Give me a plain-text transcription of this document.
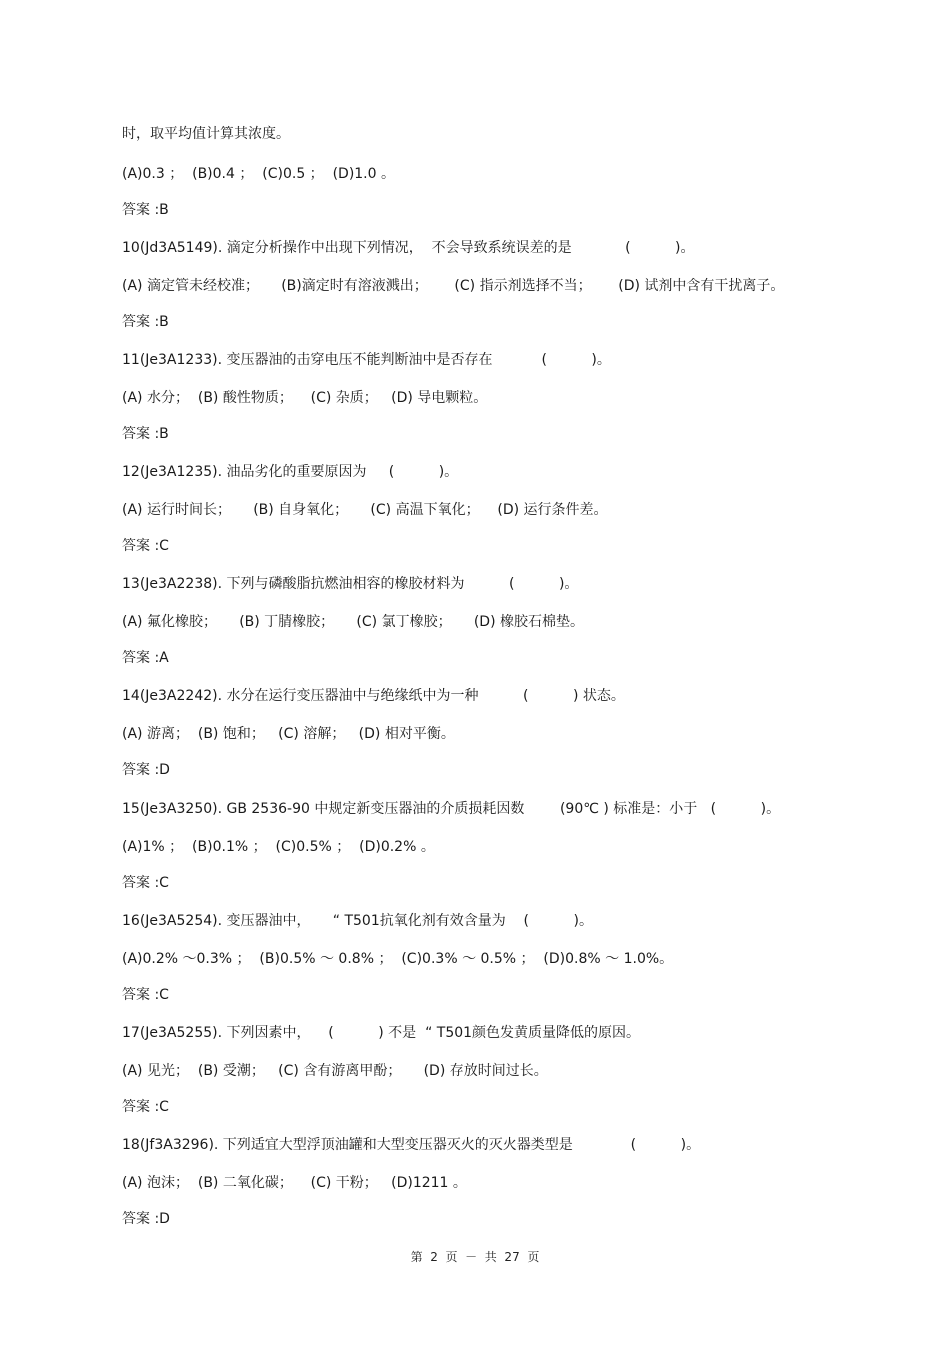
时，取平均值计算其浓度。
(A)0.3 ；  (B)0.4 ；  (C)0.5 ；  (D)1.0 。
答案 :B
10(Jd3A5149). 滴定分析操作中出现下列情况，  不会导致系统误差的是            (          )。
(A) 滴定管未经校准；     (B)滴定时有溶液溅出；      (C) 指示剂选择不当；      (D) 试剂中含有干扰离子。
答案 :B
11(Je3A1233). 变压器油的击穿电压不能判断油中是否存在           (          )。
(A) 水分；  (B) 酸性物质；    (C) 杂质；   (D) 导电颗粒。
答案 :B
12(Je3A1235). 油品劣化的重要原因为     (          )。
(A) 运行时间长；     (B) 自身氧化；     (C) 高温下氧化；    (D) 运行条件差。
答案 :C
13(Je3A2238). 下列与磷酸脂抗燃油相容的橡胶材料为          (          )。
(A) 氟化橡胶；     (B) 丁腈橡胶；     (C) 氯丁橡胶；     (D) 橡胶石棉垫。
答案 :A
14(Je3A2242). 水分在运行变压器油中与绝缘纸中为一种          (          ) 状态。
(A) 游离；  (B) 饱和；   (C) 溶解；   (D) 相对平衡。
答案 :D
15(Je3A3250). GB 2536-90 中规定新变压器油的介质损耗因数        (90℃ ) 标准是：小于   (          )。
(A)1% ；  (B)0.1% ；  (C)0.5% ；  (D)0.2% 。
答案 :C
16(Je3A5254). 变压器油中，     “ T501抗氧化剂有效含量为    (          )。
(A)0.2% ～0.3% ；  (B)0.5% ～ 0.8% ；  (C)0.3% ～ 0.5% ；  (D)0.8% ～ 1.0%。
答案 :C
17(Je3A5255). 下列因素中，    (          ) 不是  “ T501颜色发黄质量降低的原因。
(A) 见光；  (B) 受潮；   (C) 含有游离甲酚；     (D) 存放时间过长。
答案 :C
18(Jf3A3296). 下列适宜大型浮顶油罐和大型变压器灭火的灭火器类型是             (          )。
(A) 泡沫；  (B) 二氧化碳；    (C) 干粉；   (D)1211 。
答案 :D
第  2  页  －  共  27  页
